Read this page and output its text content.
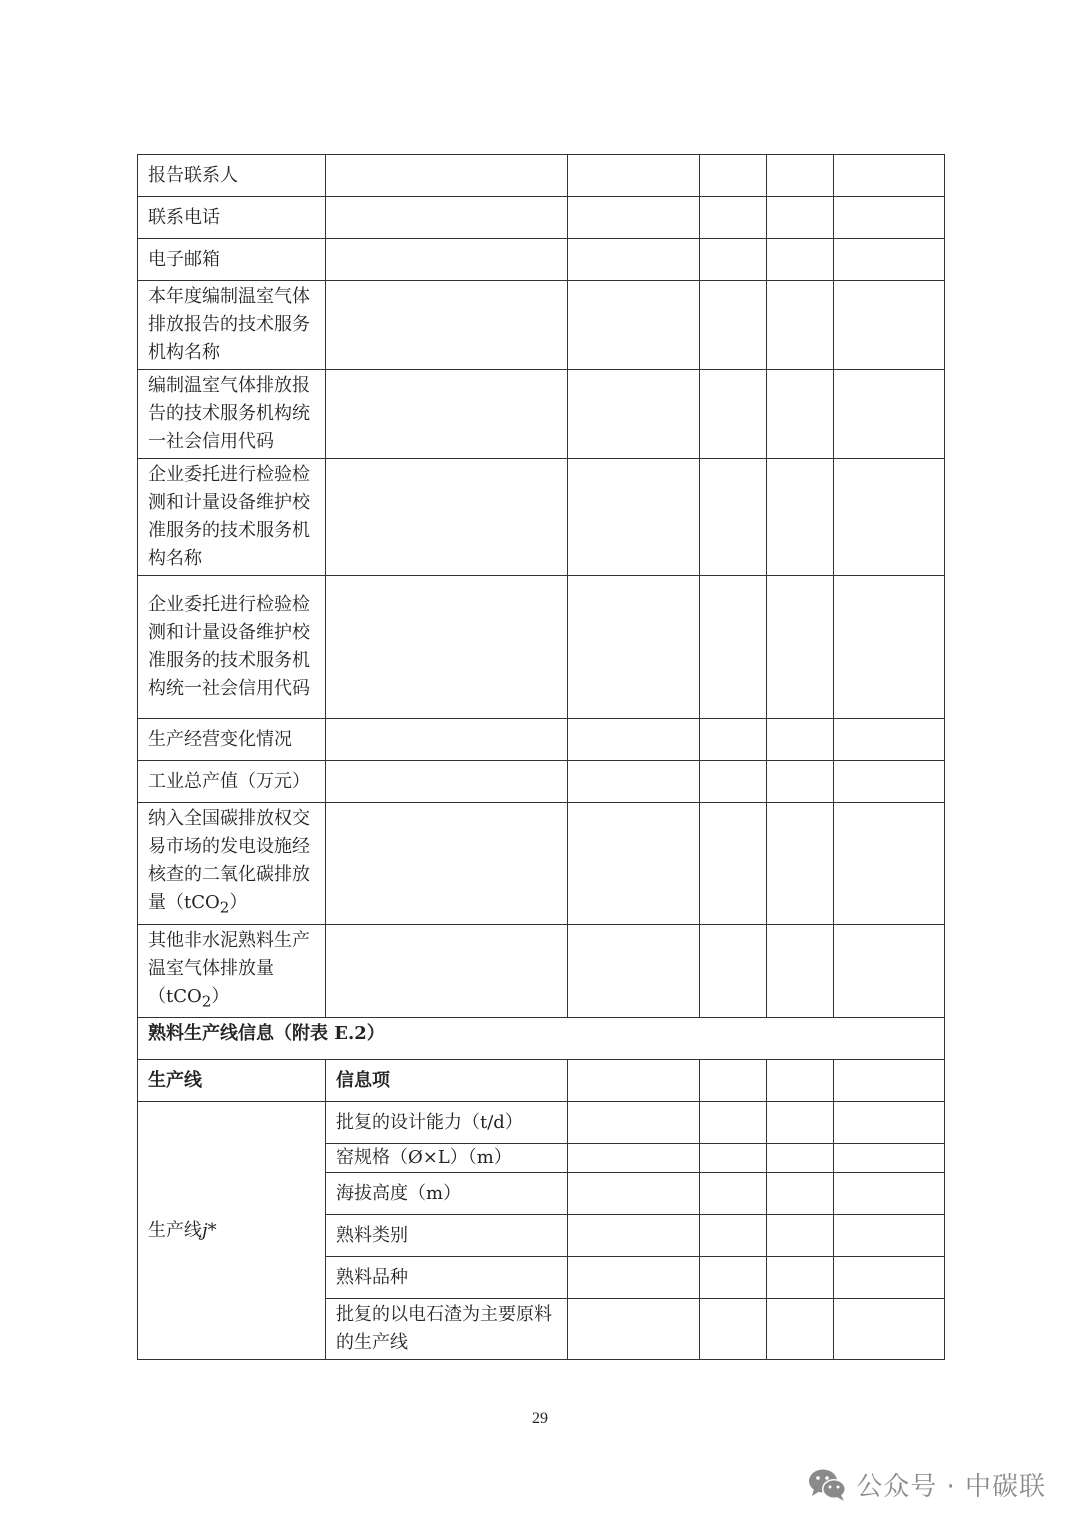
报告联系人					
联系电话					
电子邮箱					
本年度编制温室气体排放报告的技术服务机构名称					
编制温室气体排放报告的技术服务机构统一社会信用代码					
企业委托进行检验检测和计量设备维护校准服务的技术服务机构名称					
企业委托进行检验检测和计量设备维护校准服务的技术服务机构统一社会信用代码					
生产经营变化情况					
工业总产值（万元）					
纳入全国碳排放权交易市场的发电设施经核查的二氧化碳排放量（tCO$_2$）					
其他非水泥熟料生产温室气体排放量（tCO$_2$）					
熟料生产线信息（附表 E.2）					
生产线	信息项				
生产线j*	批复的设计能力（t/d）				
	窑规格（Ø×L）（m）				
	海拔高度（m）				
	熟料类别				
	熟料品种				
	批复的以电石渣为主要原料的生产线				
29
公众号 · 中碳联
